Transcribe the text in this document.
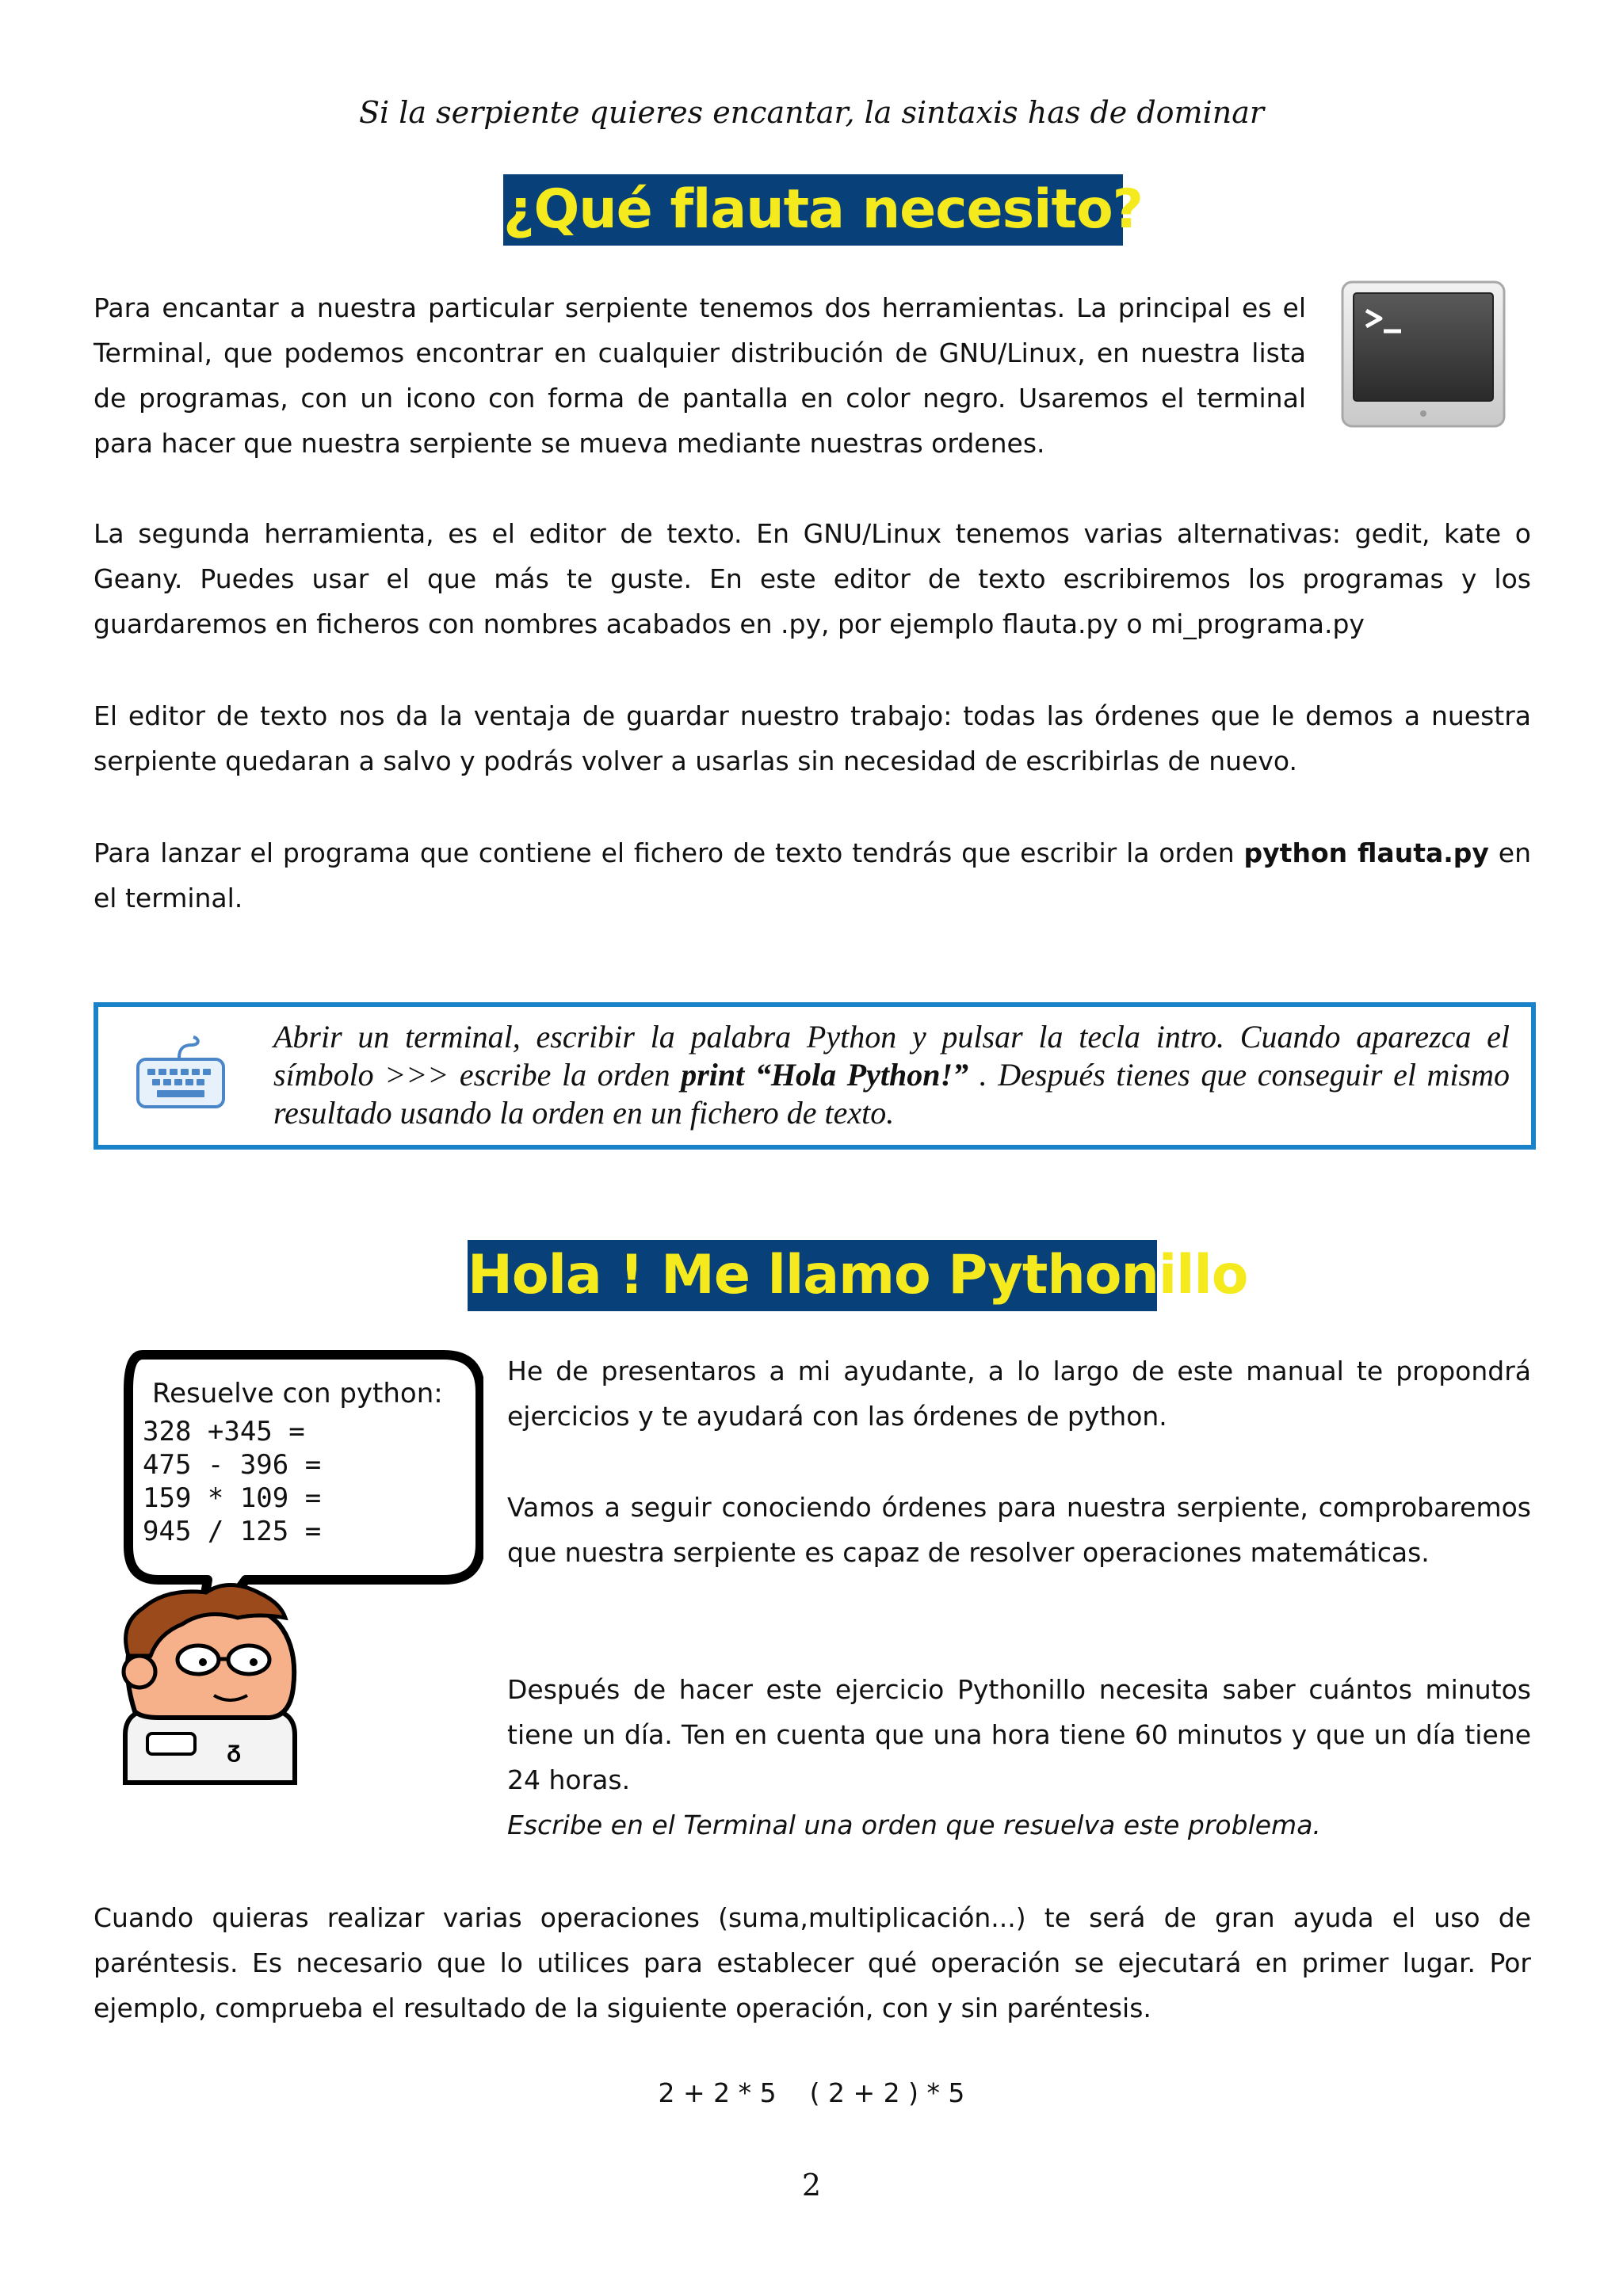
Si la serpiente quieres encantar, la sintaxis has de dominar
¿Qué flauta necesito?
Para encantar a nuestra particular serpiente tenemos dos herramientas. La principal es el Terminal, que podemos encontrar en cualquier distribución de GNU/Linux, en nuestra lista de programas, con un icono con forma de pantalla en color negro. Usaremos el terminal para hacer que nuestra serpiente se mueva mediante nuestras ordenes.
La segunda herramienta, es el editor de texto. En GNU/Linux tenemos varias alternativas: gedit, kate o Geany. Puedes usar el que más te guste. En este editor de texto escribiremos los programas y los guardaremos en ficheros con nombres acabados en .py, por ejemplo flauta.py o mi_programa.py
El editor de texto nos da la ventaja de guardar nuestro trabajo: todas las órdenes que le demos a nuestra serpiente quedaran a salvo y podrás volver a usarlas sin necesidad de escribirlas de nuevo.
Para lanzar el programa que contiene el fichero de texto tendrás que escribir la orden python flauta.py en el terminal.
Abrir un terminal, escribir la palabra Python y pulsar la tecla intro. Cuando aparezca el símbolo >>> escribe la orden print “Hola Python!” . Después tienes que conseguir el mismo resultado usando la orden en un fichero de texto.
Hola ! Me llamo Pythonillo
Resuelve con python:
328 +345 =
475 - 396 =
159 * 109 =
945 / 125 =
ᵹ
He de presentaros a mi ayudante, a lo largo de este manual te propondrá ejercicios y te ayudará con las órdenes de python.
Vamos a seguir conociendo órdenes para nuestra serpiente, comprobaremos que nuestra serpiente es capaz de resolver operaciones matemáticas.
Después de hacer este ejercicio Pythonillo necesita saber cuántos minutos tiene un día. Ten en cuenta que una hora tiene 60 minutos y que un día tiene 24 horas.
Escribe en el Terminal una orden que resuelva este problema.
Cuando quieras realizar varias operaciones (suma,multiplicación...) te será de gran ayuda el uso de paréntesis. Es necesario que lo utilices para establecer qué operación se ejecutará en primer lugar. Por ejemplo, comprueba el resultado de la siguiente operación, con y sin paréntesis.
2 + 2 * 5    ( 2 + 2 ) * 5
2
